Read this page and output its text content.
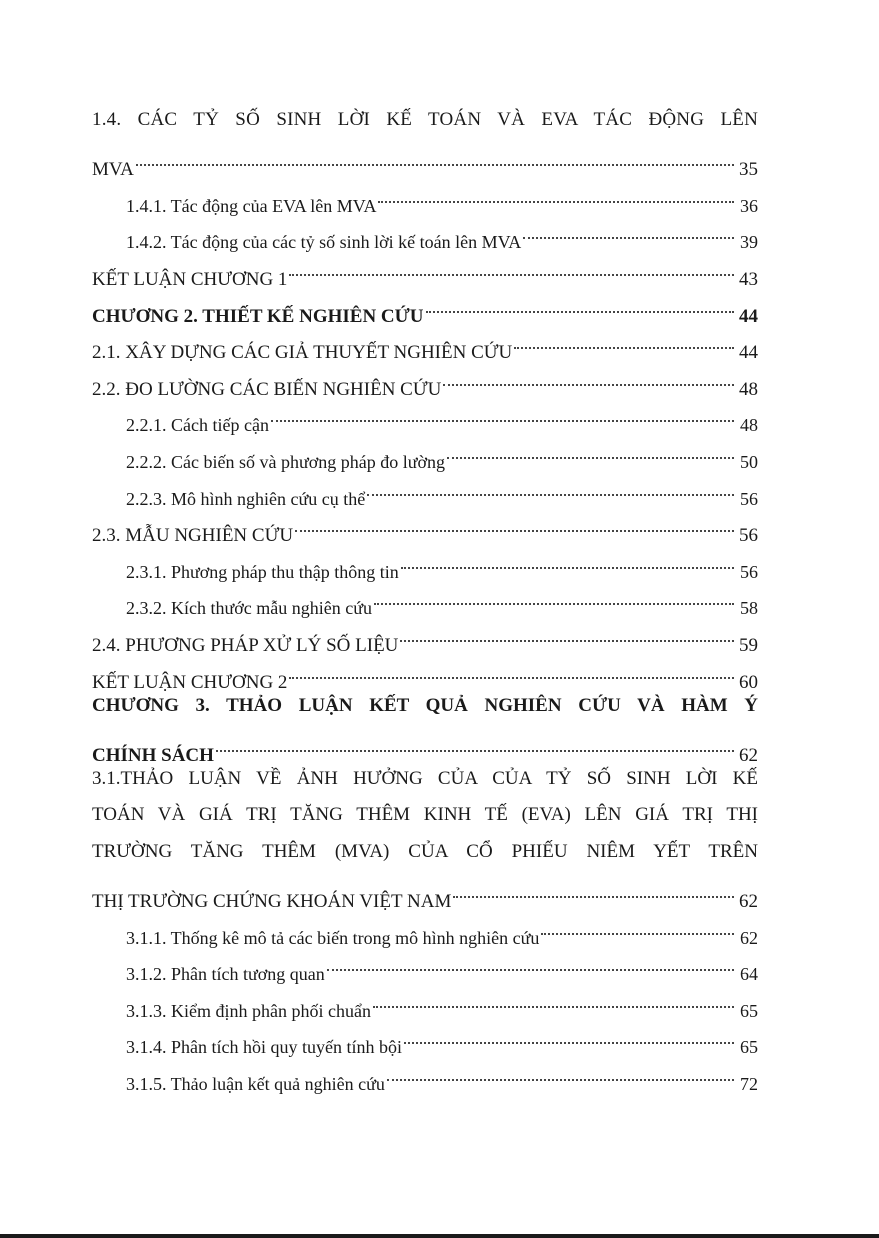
1.4. CÁC TỶ SỐ SINH LỜI KẾ TOÁN VÀ EVA TÁC ĐỘNG LÊN
MVA	35
1.4.1. Tác động của EVA lên MVA	36
1.4.2. Tác động của các tỷ số sinh lời kế toán lên MVA	39
KẾT LUẬN CHƯƠNG 1	43
CHƯƠNG 2. THIẾT KẾ NGHIÊN CỨU	44
2.1. XÂY DỰNG CÁC GIẢ THUYẾT NGHIÊN CỨU	44
2.2. ĐO LƯỜNG CÁC BIẾN NGHIÊN CỨU	48
2.2.1. Cách tiếp cận	48
2.2.2. Các biến số và phương pháp đo lường	50
2.2.3. Mô hình nghiên cứu cụ thể	56
2.3. MẪU NGHIÊN CỨU	56
2.3.1. Phương pháp thu thập thông tin	56
2.3.2. Kích thước mẫu nghiên cứu	58
2.4. PHƯƠNG PHÁP XỬ LÝ SỐ LIỆU	59
KẾT LUẬN CHƯƠNG 2	60
CHƯƠNG 3. THẢO LUẬN KẾT QUẢ NGHIÊN CỨU VÀ HÀM Ý
CHÍNH SÁCH	62
3.1.THẢO LUẬN VỀ ẢNH HƯỞNG CỦA CỦA TỶ SỐ SINH LỜI KẾ
TOÁN VÀ GIÁ TRỊ TĂNG THÊM KINH TẾ (EVA) LÊN GIÁ TRỊ THỊ
TRƯỜNG TĂNG THÊM (MVA) CỦA CỔ PHIẾU NIÊM YẾT TRÊN
THỊ TRƯỜNG CHỨNG KHOÁN VIỆT NAM	62
3.1.1. Thống kê mô tả các biến trong mô hình nghiên cứu	62
3.1.2. Phân tích tương quan	64
3.1.3. Kiểm định phân phối chuẩn	65
3.1.4. Phân tích hồi quy tuyến tính bội	65
3.1.5. Thảo luận kết quả nghiên cứu	72
